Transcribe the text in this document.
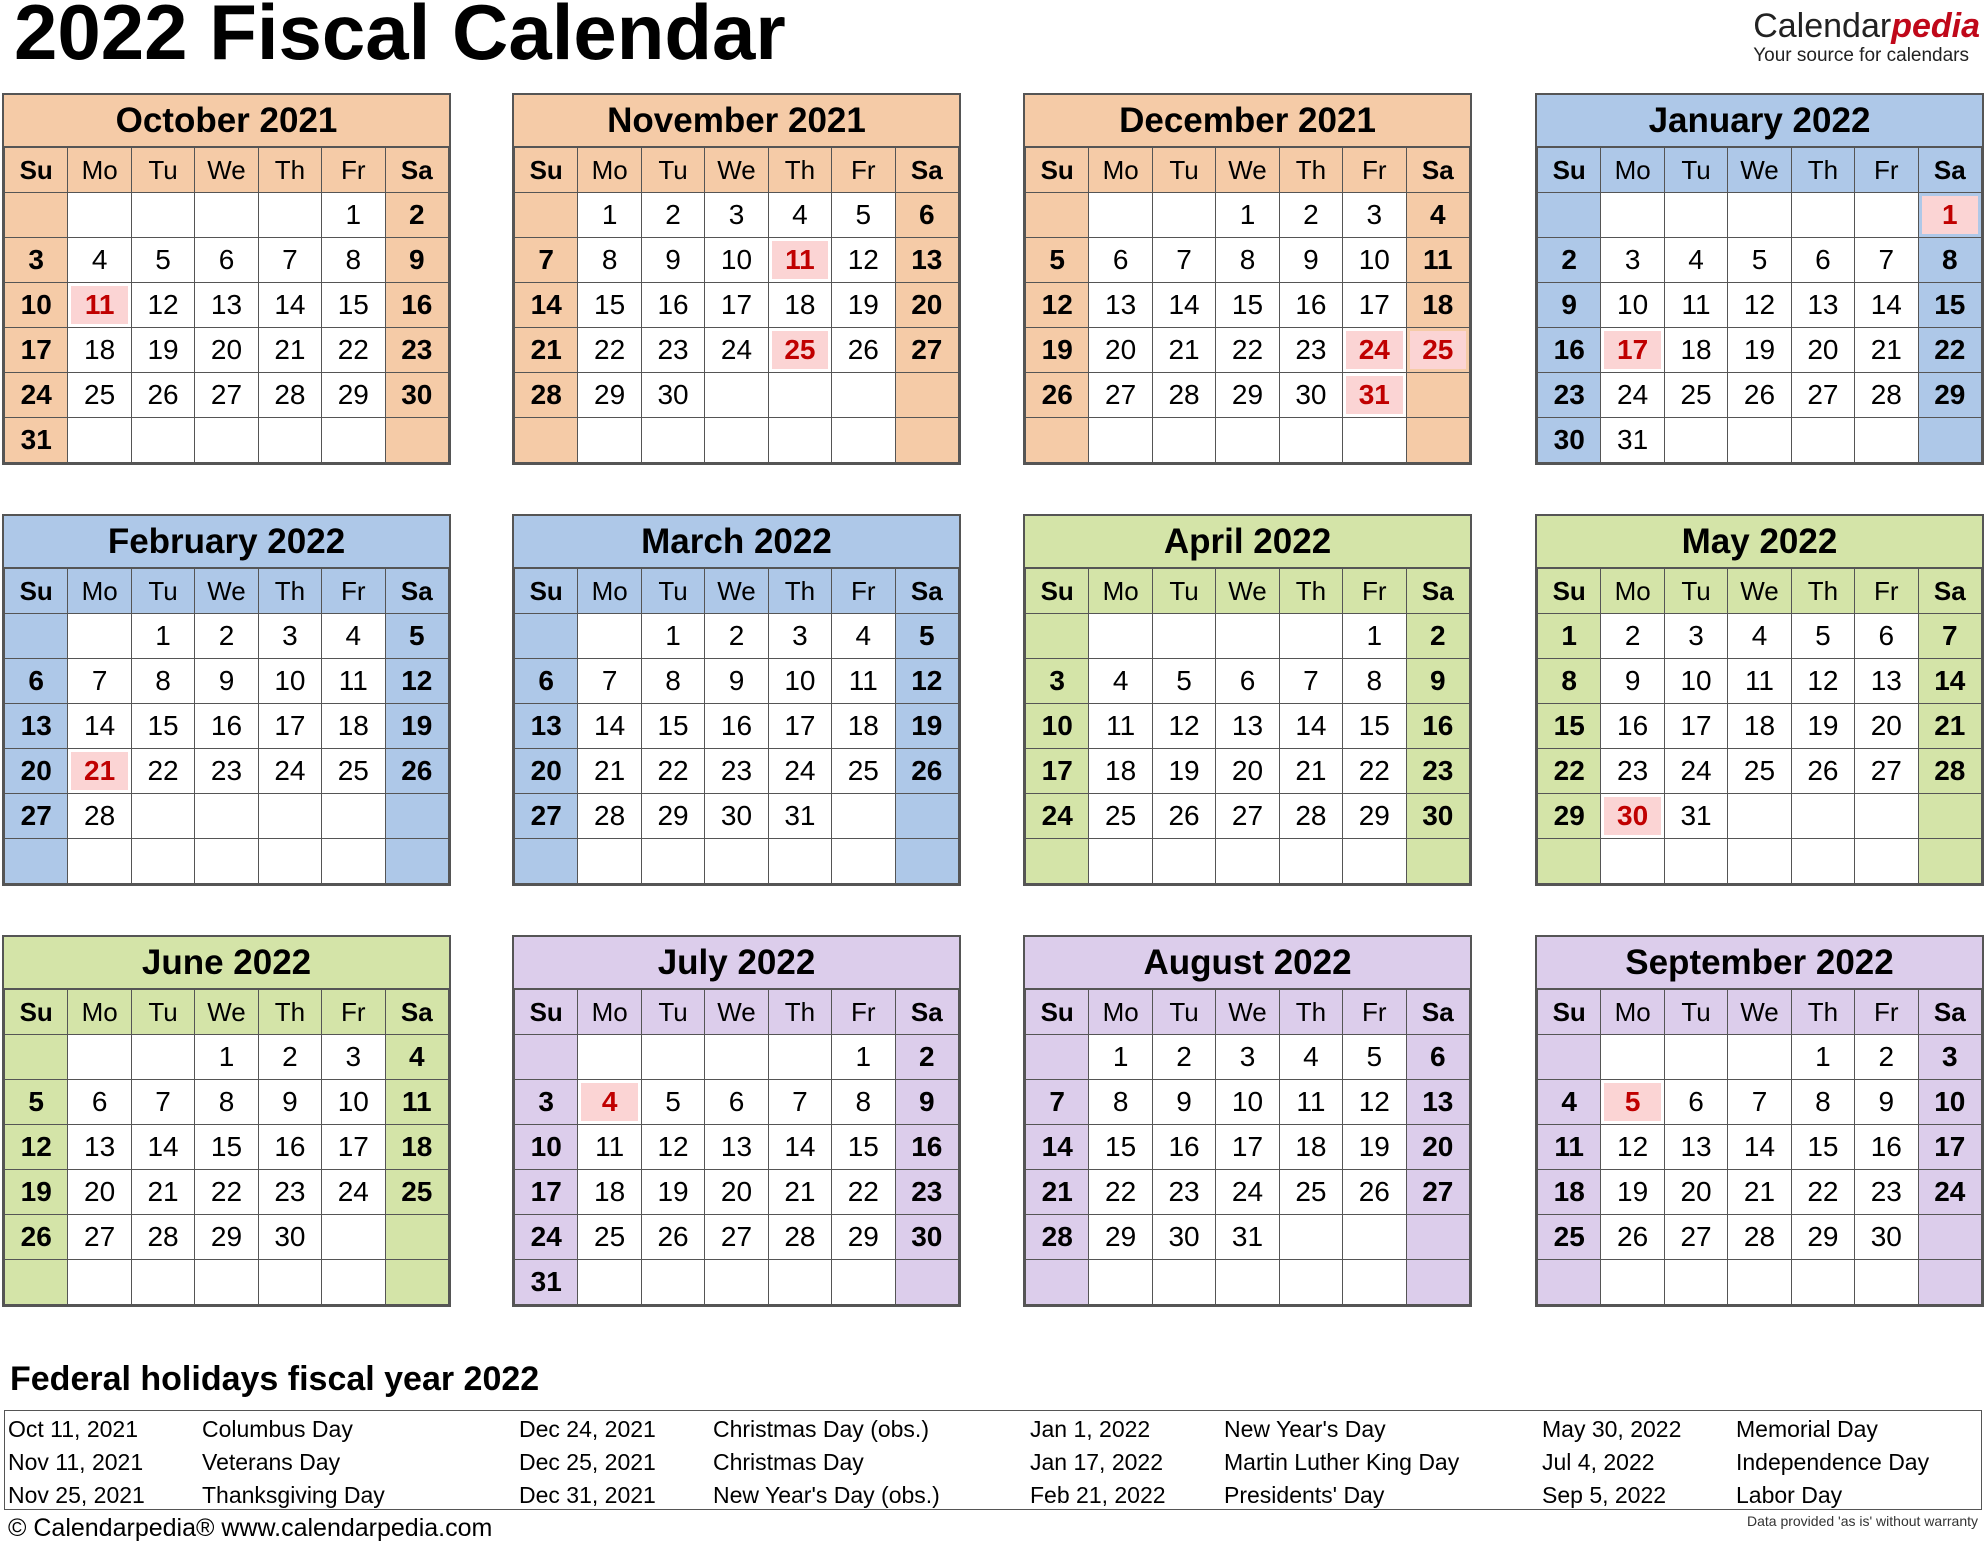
2022 Fiscal Calendar	Calendarpedia
Your source for calendars
October 2021
Su	Mo	Tu	We	Th	Fr	Sa
					1	2
3	4	5	6	7	8	9
10	11	12	13	14	15	16
17	18	19	20	21	22	23
24	25	26	27	28	29	30
31						
November 2021
Su	Mo	Tu	We	Th	Fr	Sa
	1	2	3	4	5	6
7	8	9	10	11	12	13
14	15	16	17	18	19	20
21	22	23	24	25	26	27
28	29	30				

December 2021
Su	Mo	Tu	We	Th	Fr	Sa
			1	2	3	4
5	6	7	8	9	10	11
12	13	14	15	16	17	18
19	20	21	22	23	24	25
26	27	28	29	30	31	

January 2022
Su	Mo	Tu	We	Th	Fr	Sa
						1
2	3	4	5	6	7	8
9	10	11	12	13	14	15
16	17	18	19	20	21	22
23	24	25	26	27	28	29
30	31					
February 2022
Su	Mo	Tu	We	Th	Fr	Sa
		1	2	3	4	5
6	7	8	9	10	11	12
13	14	15	16	17	18	19
20	21	22	23	24	25	26
27	28					

March 2022
Su	Mo	Tu	We	Th	Fr	Sa
		1	2	3	4	5
6	7	8	9	10	11	12
13	14	15	16	17	18	19
20	21	22	23	24	25	26
27	28	29	30	31		

April 2022
Su	Mo	Tu	We	Th	Fr	Sa
					1	2
3	4	5	6	7	8	9
10	11	12	13	14	15	16
17	18	19	20	21	22	23
24	25	26	27	28	29	30

May 2022
Su	Mo	Tu	We	Th	Fr	Sa
1	2	3	4	5	6	7
8	9	10	11	12	13	14
15	16	17	18	19	20	21
22	23	24	25	26	27	28
29	30	31				

June 2022
Su	Mo	Tu	We	Th	Fr	Sa
			1	2	3	4
5	6	7	8	9	10	11
12	13	14	15	16	17	18
19	20	21	22	23	24	25
26	27	28	29	30		

July 2022
Su	Mo	Tu	We	Th	Fr	Sa
					1	2
3	4	5	6	7	8	9
10	11	12	13	14	15	16
17	18	19	20	21	22	23
24	25	26	27	28	29	30
31						
August 2022
Su	Mo	Tu	We	Th	Fr	Sa
	1	2	3	4	5	6
7	8	9	10	11	12	13
14	15	16	17	18	19	20
21	22	23	24	25	26	27
28	29	30	31			

September 2022
Su	Mo	Tu	We	Th	Fr	Sa
				1	2	3
4	5	6	7	8	9	10
11	12	13	14	15	16	17
18	19	20	21	22	23	24
25	26	27	28	29	30	

Federal holidays fiscal year 2022
Oct 11, 2021	Columbus Day
Nov 11, 2021	Veterans Day
Nov 25, 2021 Thanksgiving Day
Dec 24, 2021 Christmas Day (obs.)
Dec 25, 2021 Christmas Day
Dec 31, 2021 New Year's Day (obs.)
Jan 1, 2022	New Year's Day
Jan 17, 2022	Martin Luther King Day
Feb 21, 2022	Presidents' Day
May 30, 2022 Memorial Day
Jul 4, 2022	Independence Day
Sep 5, 2022	Labor Day
© Calendarpedia® www.calendarpedia.com	Data provided 'as is' without warranty
